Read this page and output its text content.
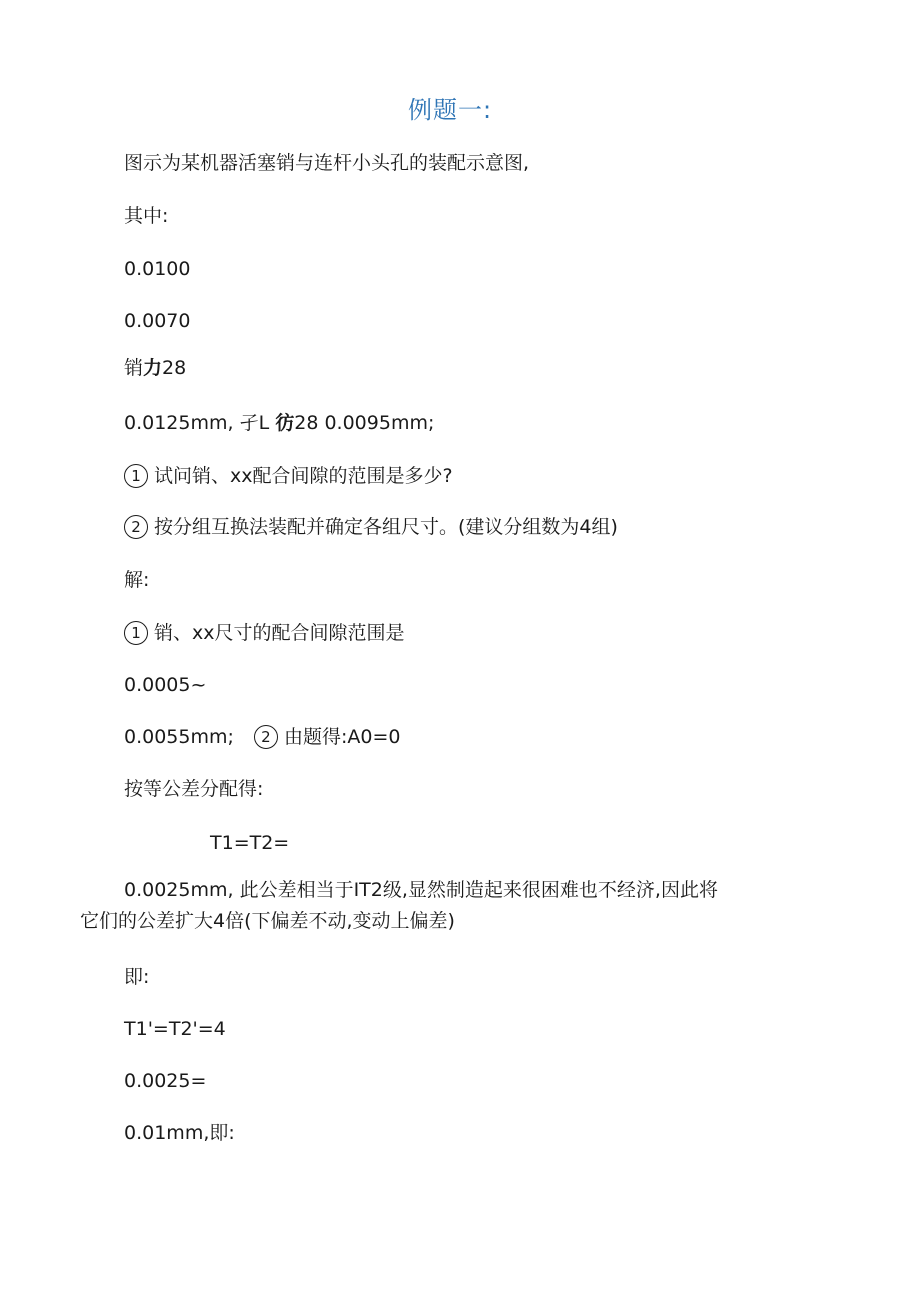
例题一:
图示为某机器活塞销与连杆小头孔的装配示意图,
其中:
0.0100
0.0070
销力28
0.0125mm, 孑L 彷28 0.0095mm;
1 试问销、xx配合间隙的范围是多少?
2 按分组互换法装配并确定各组尺寸。(建议分组数为4组)
解:
1 销、xx尺寸的配合间隙范围是
0.0005~
0.0055mm; 2 由题得:A0=0
按等公差分配得:
T1=T2=
0.0025mm, 此公差相当于IT2级,显然制造起来很困难也不经济,因此将
它们的公差扩大4倍(下偏差不动,变动上偏差)
即:
T1'=T2'=4
0.0025=
0.01mm,即:
